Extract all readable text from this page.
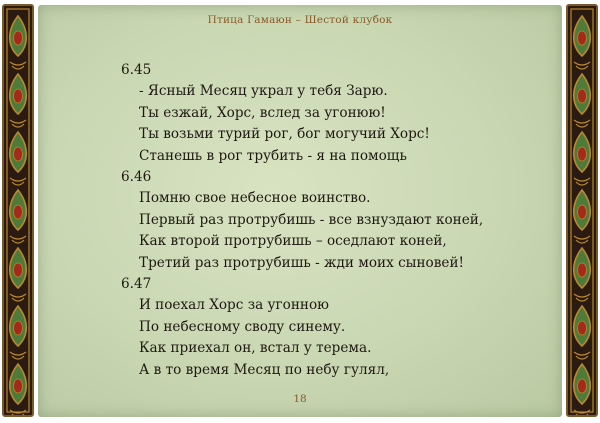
Птица Гамаюн – Шестой клубок
6.45
- Ясный Месяц украл у тебя Зарю.
Ты езжай, Хорс, вслед за угонюю!
Ты возьми турий рог, бог могучий Хорс!
Станешь в рог трубить - я на помощь
6.46
Помню свое небесное воинство.
Первый раз протрубишь - все взнуздают коней,
Как второй протрубишь – оседлают коней,
Третий раз протрубишь - жди моих сыновей!
6.47
И поехал Хорс за угонною
По небесному своду синему.
Как приехал он, встал у терема.
А в то время Месяц по небу гулял,
18
